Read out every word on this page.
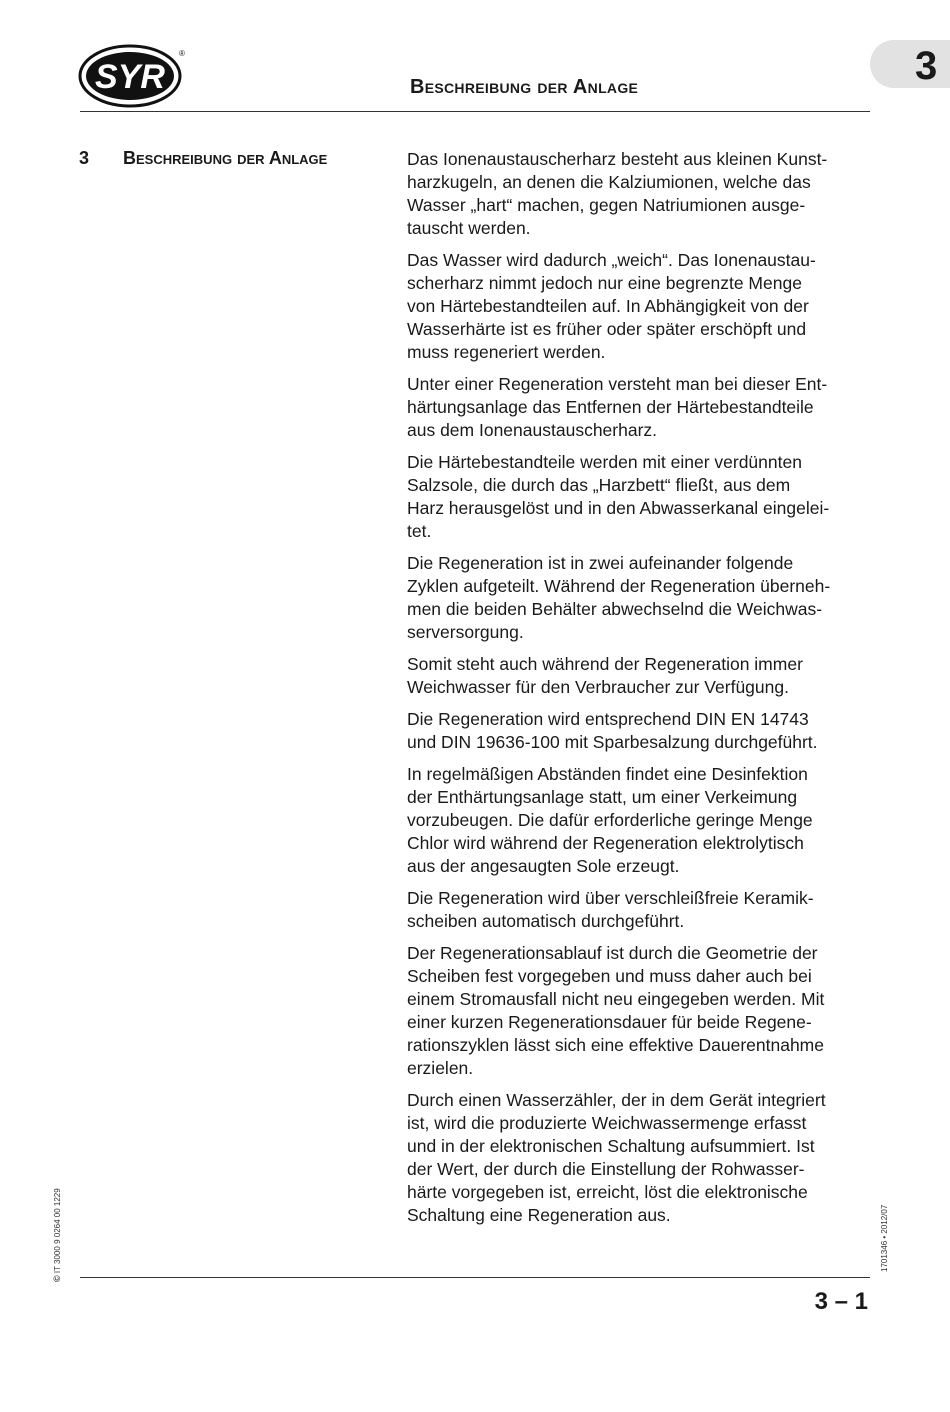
SYR
®	3
Beschreibung der Anlage
3 Beschreibung der Anlage	Das Ionenaustauscherharz besteht aus kleinen Kunst-
harzkugeln, an denen die Kalziumionen, welche das
Wasser „hart“ machen, gegen Natriumionen ausge-
tauscht werden.

Das Wasser wird dadurch „weich“. Das Ionenaustau-
scherharz nimmt jedoch nur eine begrenzte Menge
von Härtebestandteilen auf. In Abhängigkeit von der
Wasserhärte ist es früher oder später erschöpft und
muss regeneriert werden.

Unter einer Regeneration versteht man bei dieser Ent-
härtungsanlage das Entfernen der Härtebestandteile
aus dem Ionenaustauscherharz.

Die Härtebestandteile werden mit einer verdünnten
Salzsole, die durch das „Harzbett“ fließt, aus dem
Harz herausgelöst und in den Abwasserkanal eingelei-
tet.

Die Regeneration ist in zwei aufeinander folgende
Zyklen aufgeteilt. Während der Regeneration überneh-
men die beiden Behälter abwechselnd die Weichwas-
serversorgung.

Somit steht auch während der Regeneration immer
Weichwasser für den Verbraucher zur Verfügung.

Die Regeneration wird entsprechend DIN EN 14743
und DIN 19636-100 mit Sparbesalzung durchgeführt.

In regelmäßigen Abständen findet eine Desinfektion
der Enthärtungsanlage statt, um einer Verkeimung
vorzubeugen. Die dafür erforderliche geringe Menge
Chlor wird während der Regeneration elektrolytisch
aus der angesaugten Sole erzeugt.

Die Regeneration wird über verschleißfreie Keramik-
scheiben automatisch durchgeführt.

Der Regenerationsablauf ist durch die Geometrie der
Scheiben fest vorgegeben und muss daher auch bei
einem Stromausfall nicht neu eingegeben werden. Mit
einer kurzen Regenerationsdauer für beide Regene-
rationszyklen lässt sich eine effektive Dauerentnahme
erzielen.

Durch einen Wasserzähler, der in dem Gerät integriert
ist, wird die produzierte Weichwassermenge erfasst
und in der elektronischen Schaltung aufsummiert. Ist
der Wert, der durch die Einstellung der Rohwasser-
härte vorgegeben ist, erreicht, löst die elektronische
Schaltung eine Regeneration aus.

© IT 3000 9 0264 00 1229	1701346 • 2012/07
3 – 1
